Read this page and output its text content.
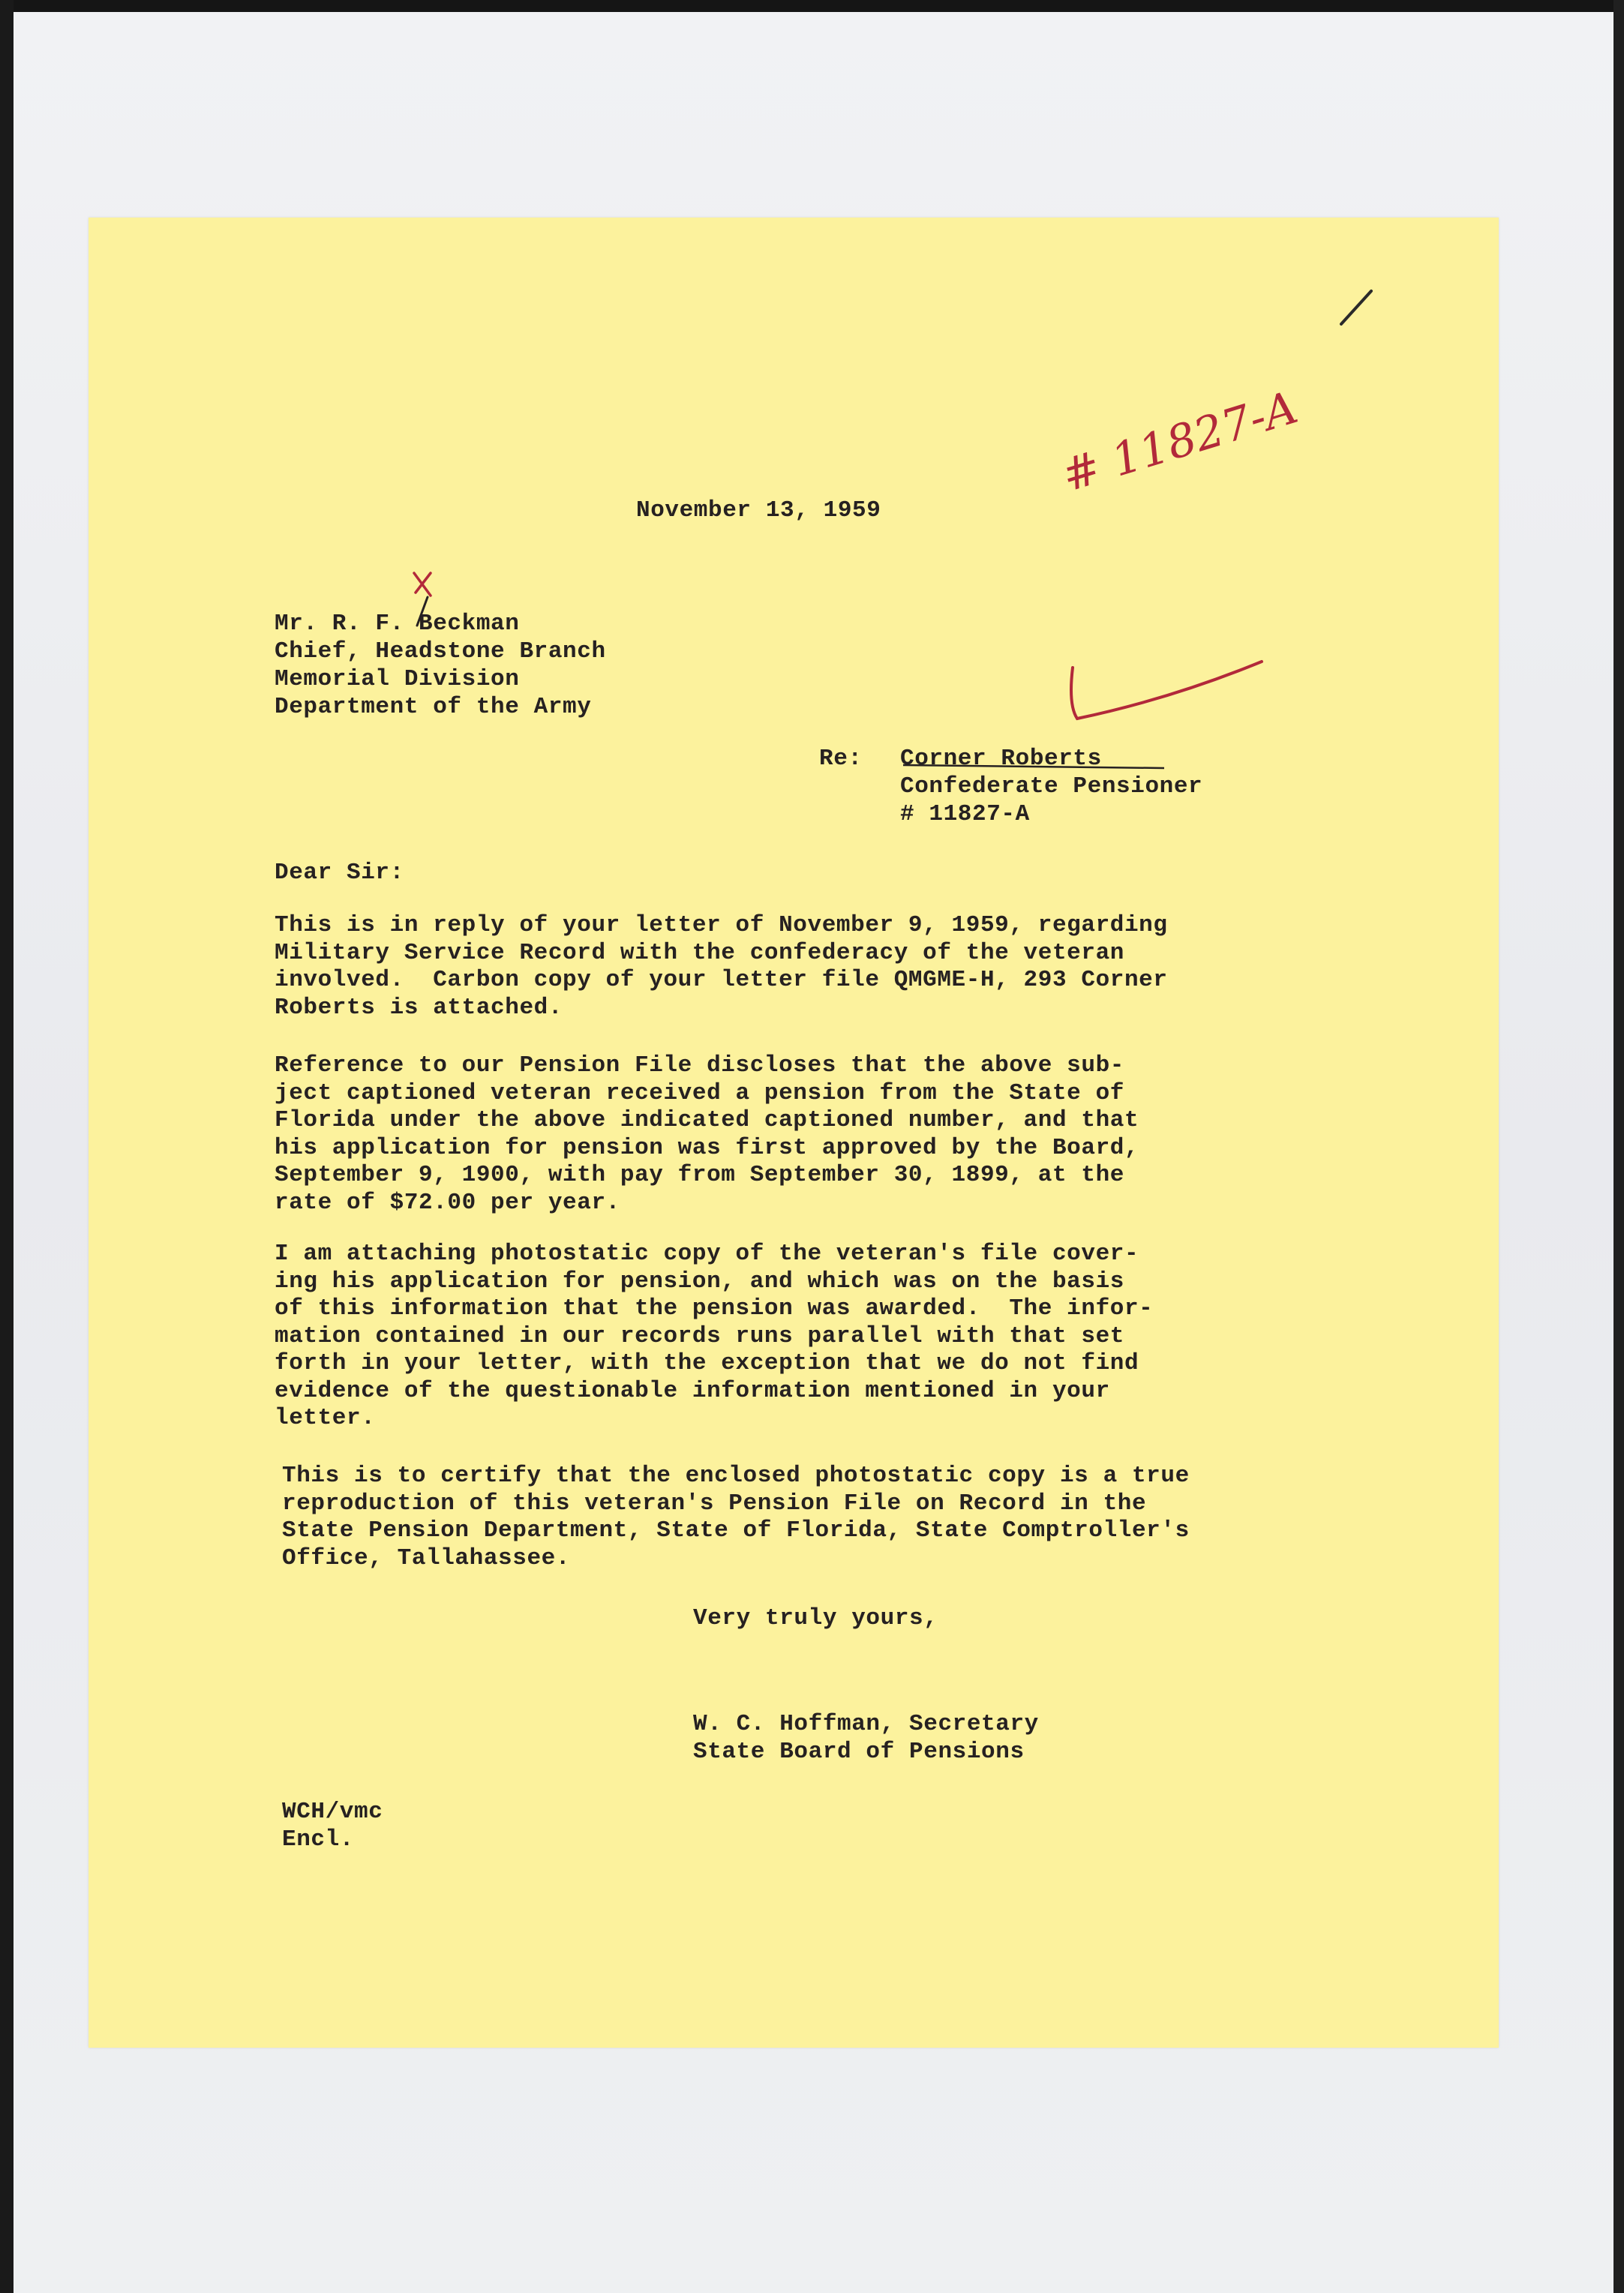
November 13, 1959

# 11827-A

Mr. R. F. Beckman

Chief, Headstone Branch

Memorial Division

Department of the Army

Re: Corner Roberts

Confederate Pensioner

# 11827-A

Dear Sir:

This is in reply of your letter of November 9, 1959, regarding
Military Service Record with the confederacy of the veteran
involved.  Carbon copy of your letter file QMGME-H, 293 Corner
Roberts is attached.

Reference to our Pension File discloses that the above sub-
ject captioned veteran received a pension from the State of
Florida under the above indicated captioned number, and that
his application for pension was first approved by the Board,
September 9, 1900, with pay from September 30, 1899, at the
rate of $72.00 per year.

I am attaching photostatic copy of the veteran's file cover-
ing his application for pension, and which was on the basis
of this information that the pension was awarded.  The infor-
mation contained in our records runs parallel with that set
forth in your letter, with the exception that we do not find
evidence of the questionable information mentioned in your
letter.

This is to certify that the enclosed photostatic copy is a true
reproduction of this veteran's Pension File on Record in the
State Pension Department, State of Florida, State Comptroller's
Office, Tallahassee.

Very truly yours,

W. C. Hoffman, Secretary

State Board of Pensions

WCH/vmc

Encl.
